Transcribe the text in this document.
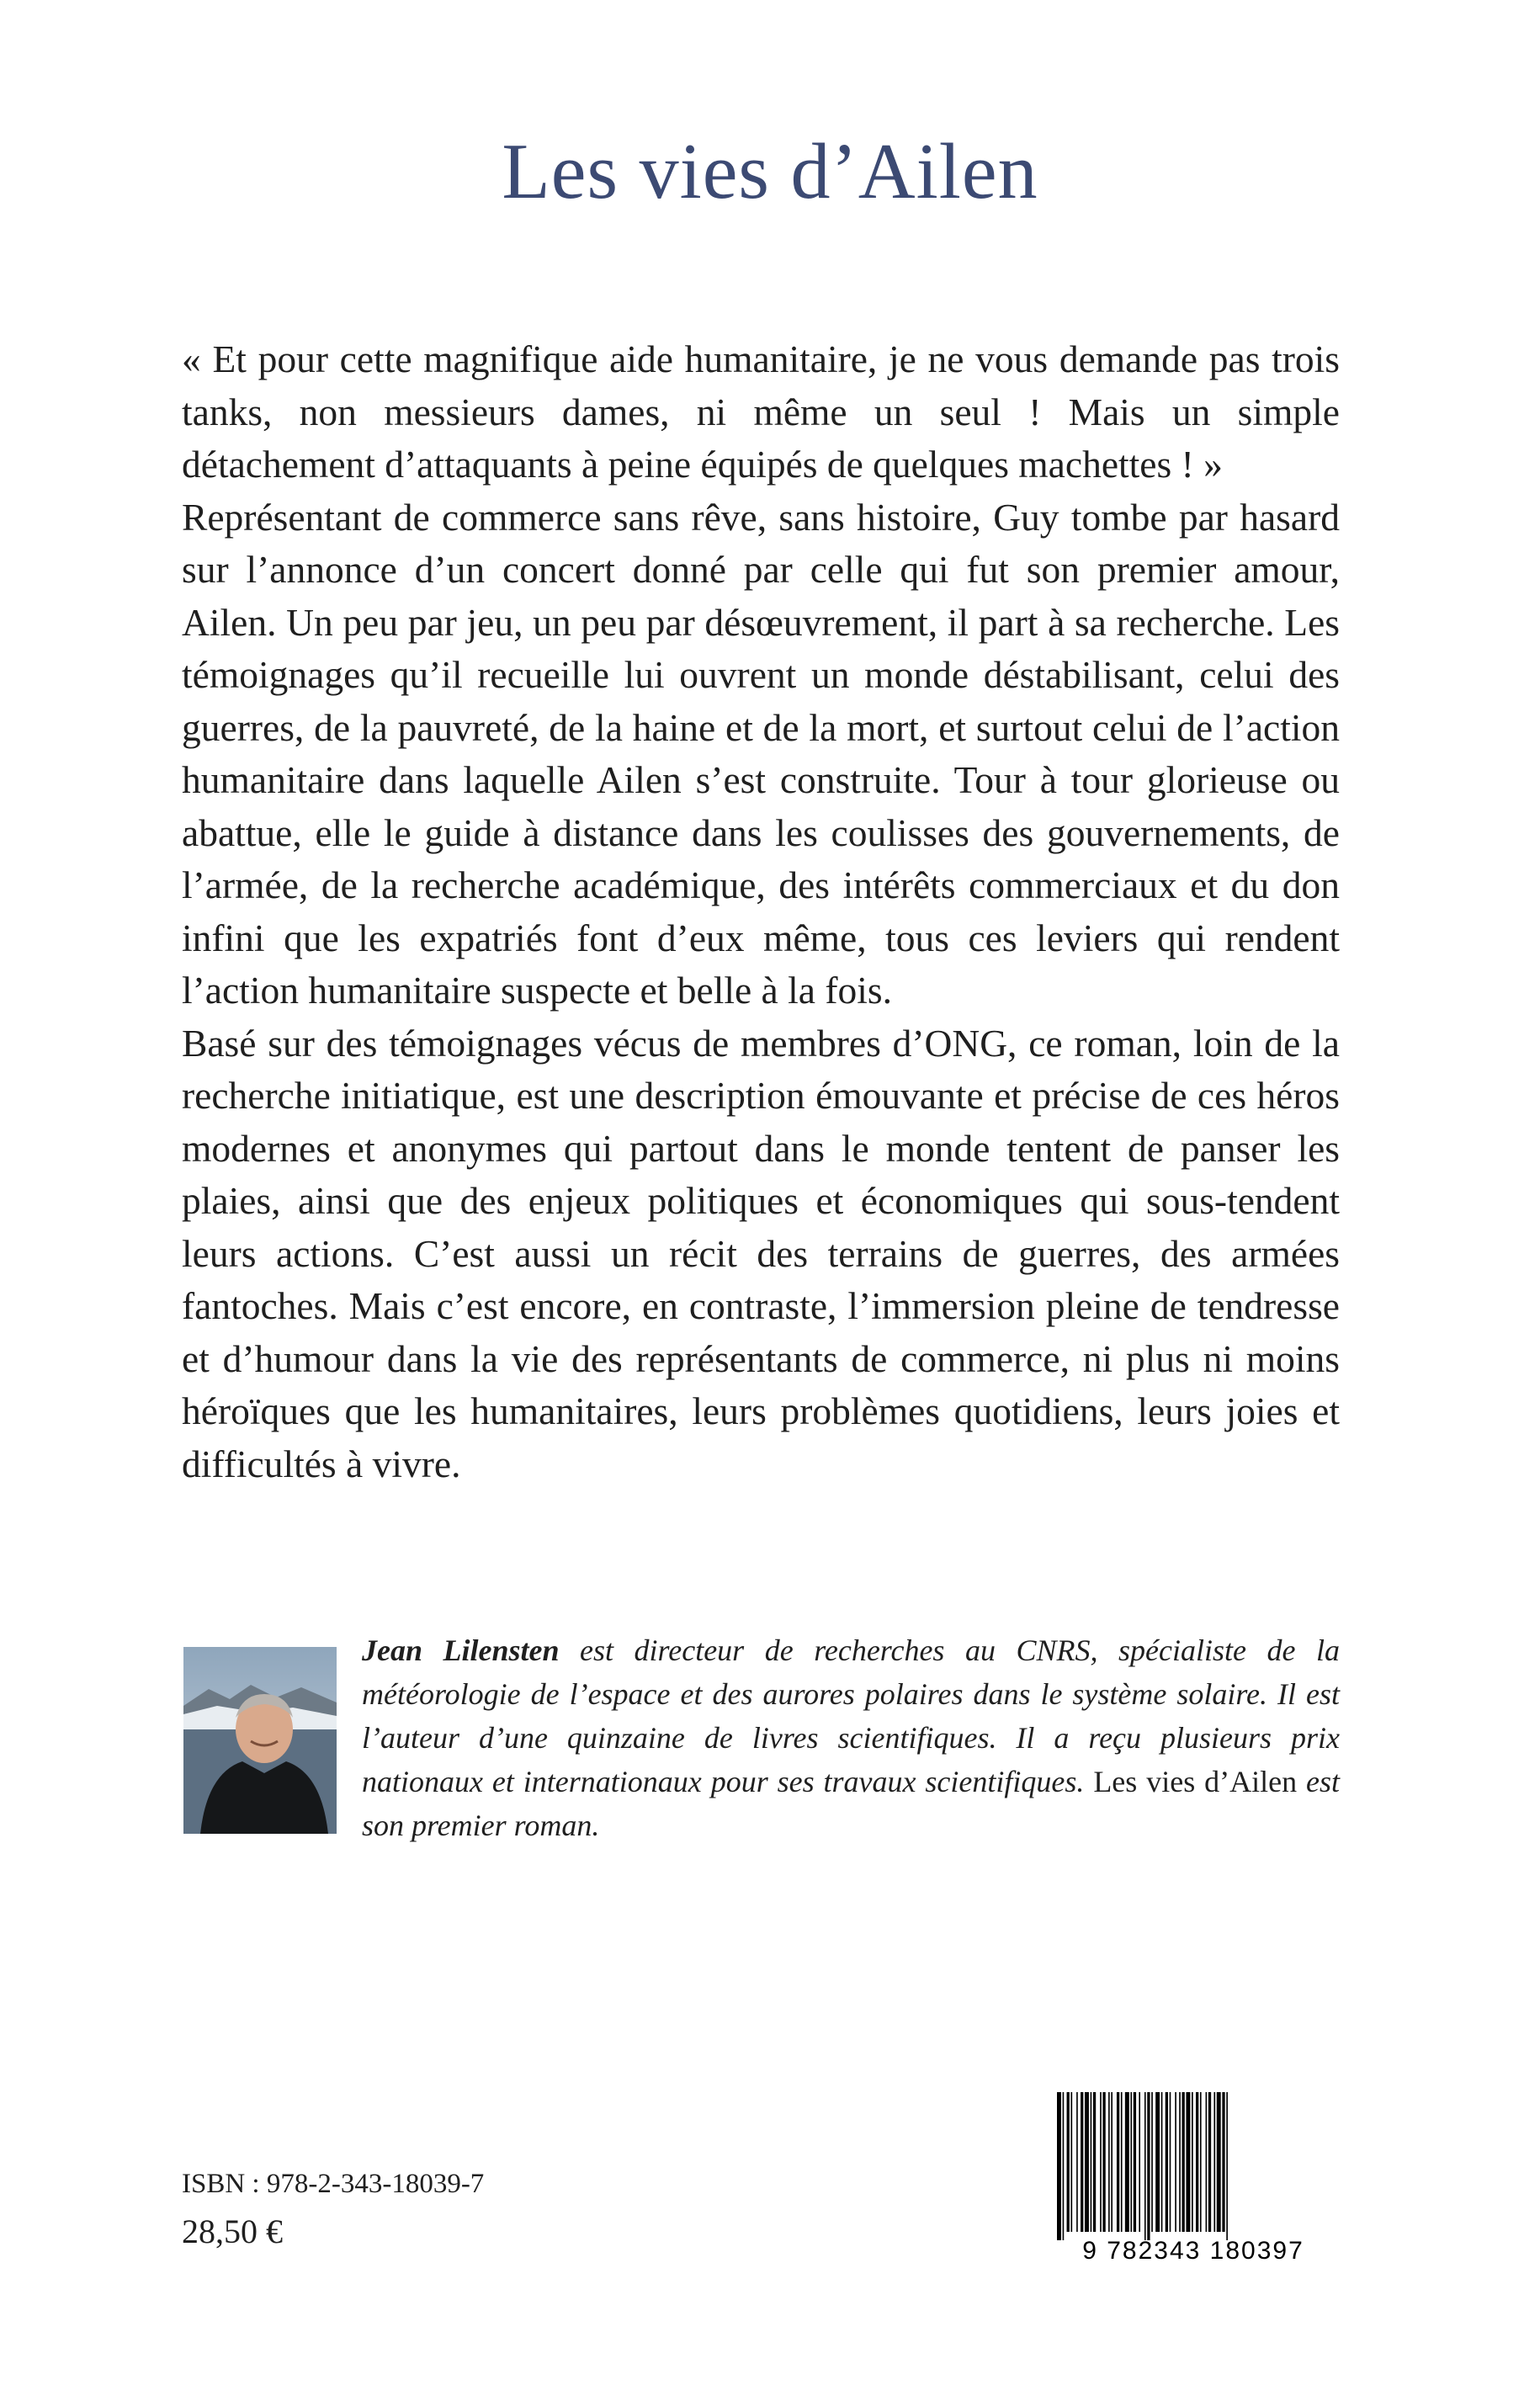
Les vies d’Ailen

« Et pour cette magnifique aide humanitaire, je ne vous demande pas trois tanks, non messieurs dames, ni même un seul ! Mais un simple détachement d’attaquants à peine équipés de quelques machettes ! »

Représentant de commerce sans rêve, sans histoire, Guy tombe par hasard sur l’annonce d’un concert donné par celle qui fut son premier amour, Ailen. Un peu par jeu, un peu par désœuvrement, il part à sa recherche. Les témoignages qu’il recueille lui ouvrent un monde déstabilisant, celui des guerres, de la pauvreté, de la haine et de la mort, et surtout celui de l’action humanitaire dans laquelle Ailen s’est construite. Tour à tour glorieuse ou abattue, elle le guide à distance dans les coulisses des gouvernements, de l’armée, de la recherche académique, des intérêts commerciaux et du don infini que les expatriés font d’eux même, tous ces leviers qui rendent l’action humanitaire suspecte et belle à la fois.

Basé sur des témoignages vécus de membres d’ONG, ce roman, loin de la recherche initiatique, est une description émouvante et précise de ces héros modernes et anonymes qui partout dans le monde tentent de panser les plaies, ainsi que des enjeux politiques et économiques qui sous-tendent leurs actions. C’est aussi un récit des terrains de guerres, des armées fantoches. Mais c’est encore, en contraste, l’immersion pleine de tendresse et d’humour dans la vie des représentants de commerce, ni plus ni moins héroïques que les humanitaires, leurs problèmes quotidiens, leurs joies et difficultés à vivre.

Jean Lilensten est directeur de recherches au CNRS, spécialiste de la météorologie de l’espace et des aurores polaires dans le système solaire. Il est l’auteur d’une quinzaine de livres scientifiques. Il a reçu plusieurs prix nationaux et internationaux pour ses travaux scientifiques. Les vies d’Ailen est son premier roman.

ISBN : 978-2-343-18039-7
28,50 €
9 782343 180397
